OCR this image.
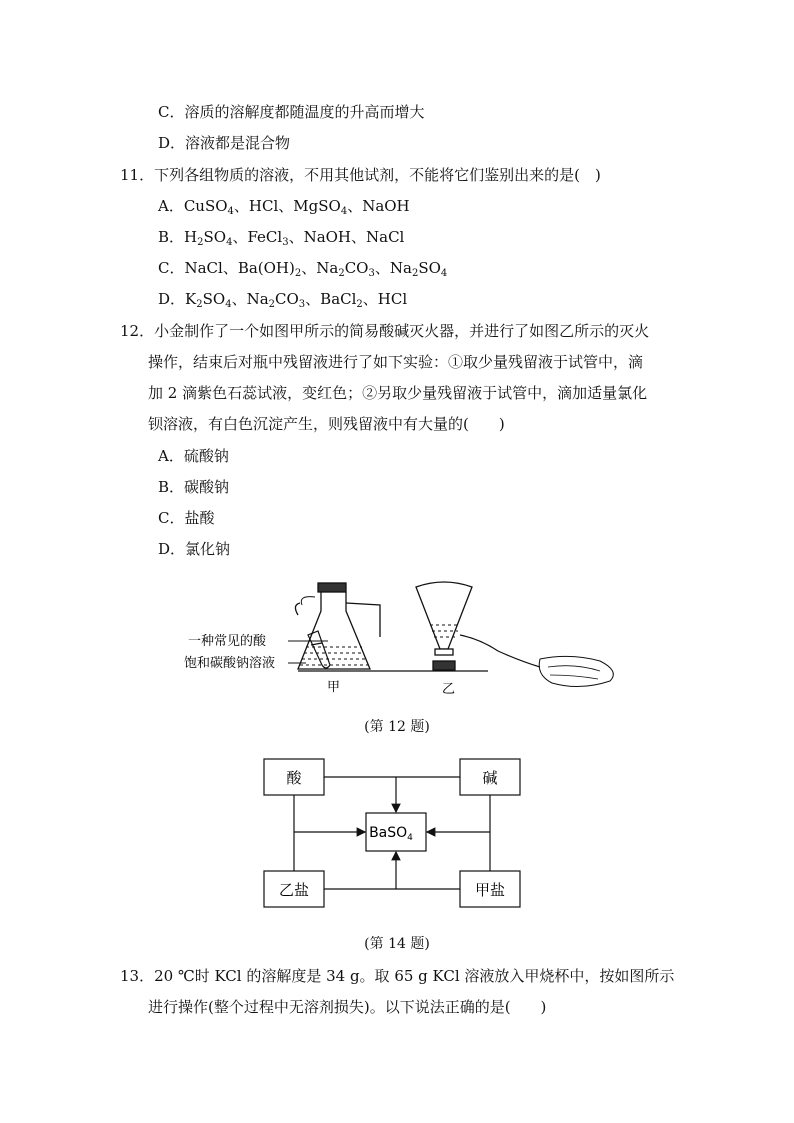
C．溶质的溶解度都随温度的升高而增大
D．溶液都是混合物
11．下列各组物质的溶液，不用其他试剂，不能将它们鉴别出来的是(　)
A．CuSO$_4$、HCl、MgSO$_4$、NaOH
B．$H_2SO_4$、FeCl$_3$、NaOH、NaCl
C．NaCl、$Ba(OH)_2$、$Na_2CO_3$、$Na_2SO_4$
D．$K_2SO_4$、$Na_2CO_3$、BaCl$_2$、HCl
12．小金制作了一个如图甲所示的简易酸碱灭火器，并进行了如图乙所示的灭火
操作，结束后对瓶中残留液进行了如下实验：①取少量残留液于试管中，滴
加 2 滴紫色石蕊试液，变红色；②另取少量残留液于试管中，滴加适量氯化
钡溶液，有白色沉淀产生，则残留液中有大量的(　　)
A．硫酸钠
B．碳酸钠
C．盐酸
D．氯化钠
一种常见的酸
饱和碳酸钠溶液
甲	乙
(第 12 题)
酸	碱
BaSO$_4$
乙盐	甲盐
(第 14 题)
13．20 ℃时 KCl 的溶解度是 34 g。取 65 g KCl 溶液放入甲烧杯中，按如图所示
进行操作(整个过程中无溶剂损失)。以下说法正确的是(　　)
